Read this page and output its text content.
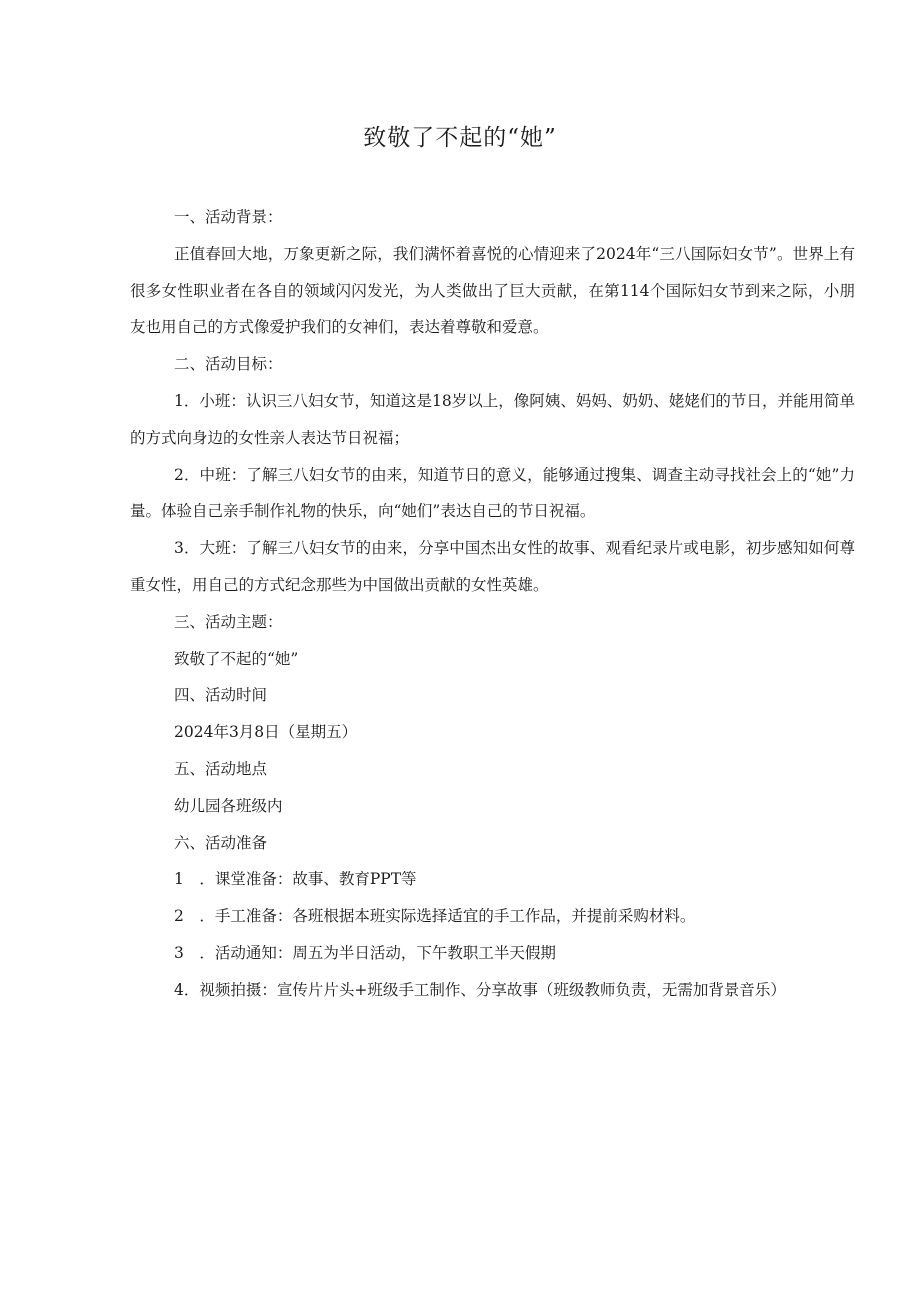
致敬了不起的“她”

一、活动背景：

正值春回大地，万象更新之际，我们满怀着喜悦的心情迎来了2024年“三八国际妇女节”。世界上有很多女性职业者在各自的领域闪闪发光，为人类做出了巨大贡献，在第114个国际妇女节到来之际，小朋友也用自己的方式像爱护我们的女神们，表达着尊敬和爱意。

二、活动目标：

1．小班：认识三八妇女节，知道这是18岁以上，像阿姨、妈妈、奶奶、姥姥们的节日，并能用简单的方式向身边的女性亲人表达节日祝福；

2．中班：了解三八妇女节的由来，知道节日的意义，能够通过搜集、调查主动寻找社会上的“她”力量。体验自己亲手制作礼物的快乐，向“她们”表达自己的节日祝福。

3．大班：了解三八妇女节的由来，分享中国杰出女性的故事、观看纪录片或电影，初步感知如何尊重女性，用自己的方式纪念那些为中国做出贡献的女性英雄。

三、活动主题：

致敬了不起的“她”

四、活动时间

2024年3月8日（星期五）

五、活动地点

幼儿园各班级内

六、活动准备

1　．课堂准备：故事、教育PPT等

2　．手工准备：各班根据本班实际选择适宜的手工作品，并提前采购材料。

3　．活动通知：周五为半日活动，下午教职工半天假期

4．视频拍摄：宣传片片头+班级手工制作、分享故事（班级教师负责，无需加背景音乐）
